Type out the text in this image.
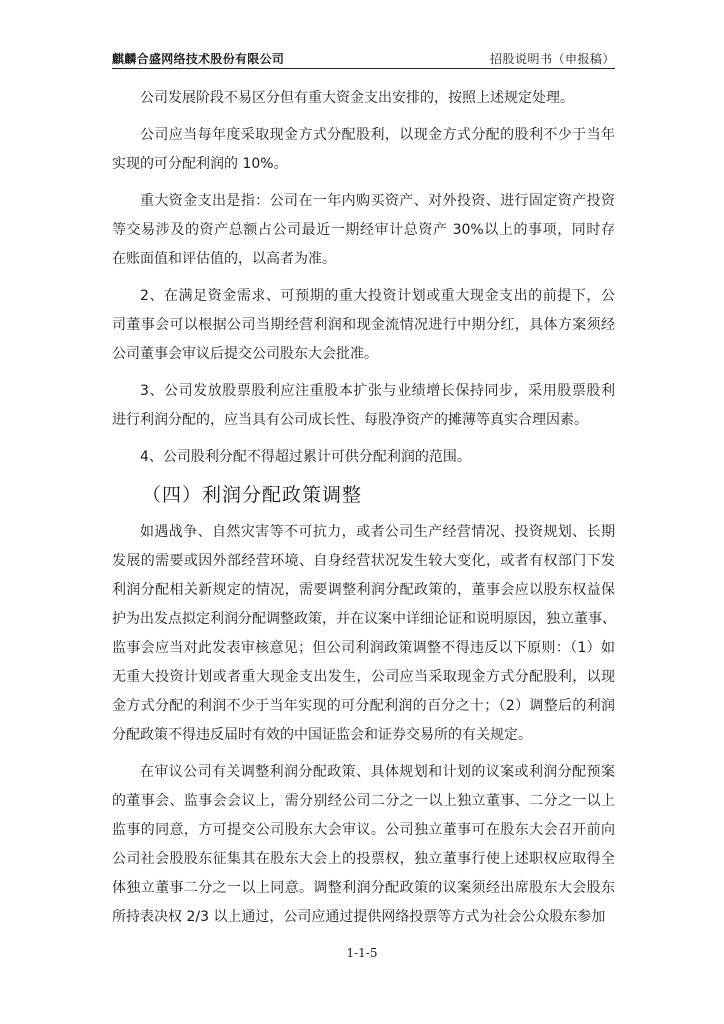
麒麟合盛网络技术股份有限公司	招股说明书（申报稿）

公司发展阶段不易区分但有重大资金支出安排的，按照上述规定处理。

公司应当每年度采取现金方式分配股利，以现金方式分配的股利不少于当年
实现的可分配利润的 10%。

重大资金支出是指：公司在一年内购买资产、对外投资、进行固定资产投资
等交易涉及的资产总额占公司最近一期经审计总资产 30%以上的事项，同时存
在账面值和评估值的，以高者为准。

2、在满足资金需求、可预期的重大投资计划或重大现金支出的前提下，公
司董事会可以根据公司当期经营利润和现金流情况进行中期分红，具体方案须经
公司董事会审议后提交公司股东大会批准。

3、公司发放股票股利应注重股本扩张与业绩增长保持同步，采用股票股利
进行利润分配的，应当具有公司成长性、每股净资产的摊薄等真实合理因素。

4、公司股利分配不得超过累计可供分配利润的范围。

（四）利润分配政策调整

如遇战争、自然灾害等不可抗力，或者公司生产经营情况、投资规划、长期
发展的需要或因外部经营环境、自身经营状况发生较大变化，或者有权部门下发
利润分配相关新规定的情况，需要调整利润分配政策的，董事会应以股东权益保
护为出发点拟定利润分配调整政策，并在议案中详细论证和说明原因，独立董事、
监事会应当对此发表审核意见；但公司利润政策调整不得违反以下原则：（1）如
无重大投资计划或者重大现金支出发生，公司应当采取现金方式分配股利，以现
金方式分配的利润不少于当年实现的可分配利润的百分之十；（2）调整后的利润
分配政策不得违反届时有效的中国证监会和证券交易所的有关规定。

在审议公司有关调整利润分配政策、具体规划和计划的议案或利润分配预案
的董事会、监事会会议上，需分别经公司二分之一以上独立董事、二分之一以上
监事的同意，方可提交公司股东大会审议。公司独立董事可在股东大会召开前向
公司社会股股东征集其在股东大会上的投票权，独立董事行使上述职权应取得全
体独立董事二分之一以上同意。调整利润分配政策的议案须经出席股东大会股东
所持表决权 2/3 以上通过，公司应通过提供网络投票等方式为社会公众股东参加

1-1-5
